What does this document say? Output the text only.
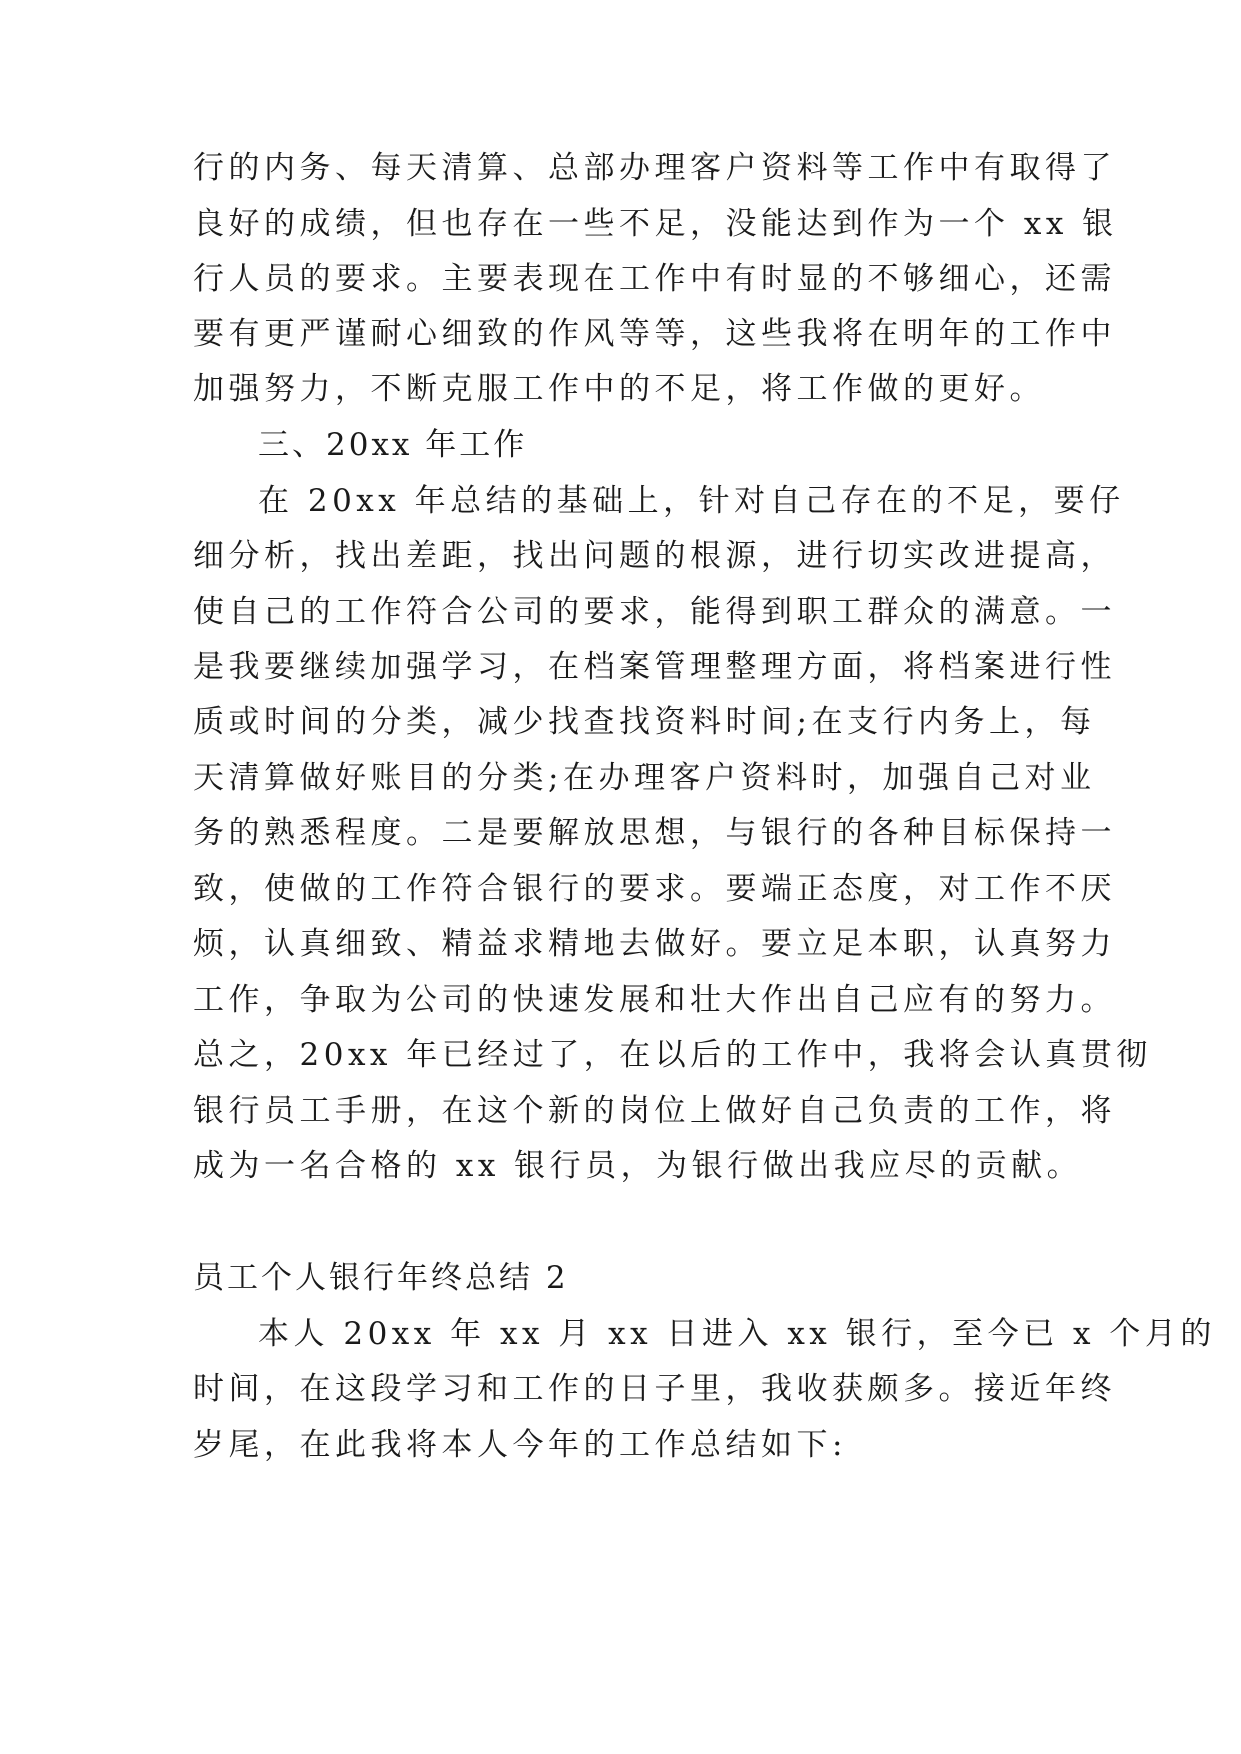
行的内务、每天清算、总部办理客户资料等工作中有取得了
良好的成绩，但也存在一些不足，没能达到作为一个 xx 银
行人员的要求。主要表现在工作中有时显的不够细心，还需
要有更严谨耐心细致的作风等等，这些我将在明年的工作中
加强努力，不断克服工作中的不足，将工作做的更好。
三、20xx 年工作
在 20xx 年总结的基础上，针对自己存在的不足，要仔
细分析，找出差距，找出问题的根源，进行切实改进提高，
使自己的工作符合公司的要求，能得到职工群众的满意。一
是我要继续加强学习，在档案管理整理方面，将档案进行性
质或时间的分类，减少找查找资料时间;在支行内务上，每
天清算做好账目的分类;在办理客户资料时，加强自己对业
务的熟悉程度。二是要解放思想，与银行的各种目标保持一
致，使做的工作符合银行的要求。要端正态度，对工作不厌
烦，认真细致、精益求精地去做好。要立足本职，认真努力
工作，争取为公司的快速发展和壮大作出自己应有的努力。
总之，20xx 年已经过了，在以后的工作中，我将会认真贯彻
银行员工手册，在这个新的岗位上做好自己负责的工作，将
成为一名合格的 xx 银行员，为银行做出我应尽的贡献。
员工个人银行年终总结 2
本人 20xx 年 xx 月 xx 日进入 xx 银行，至今已 x 个月的
时间，在这段学习和工作的日子里，我收获颇多。接近年终
岁尾，在此我将本人今年的工作总结如下:
